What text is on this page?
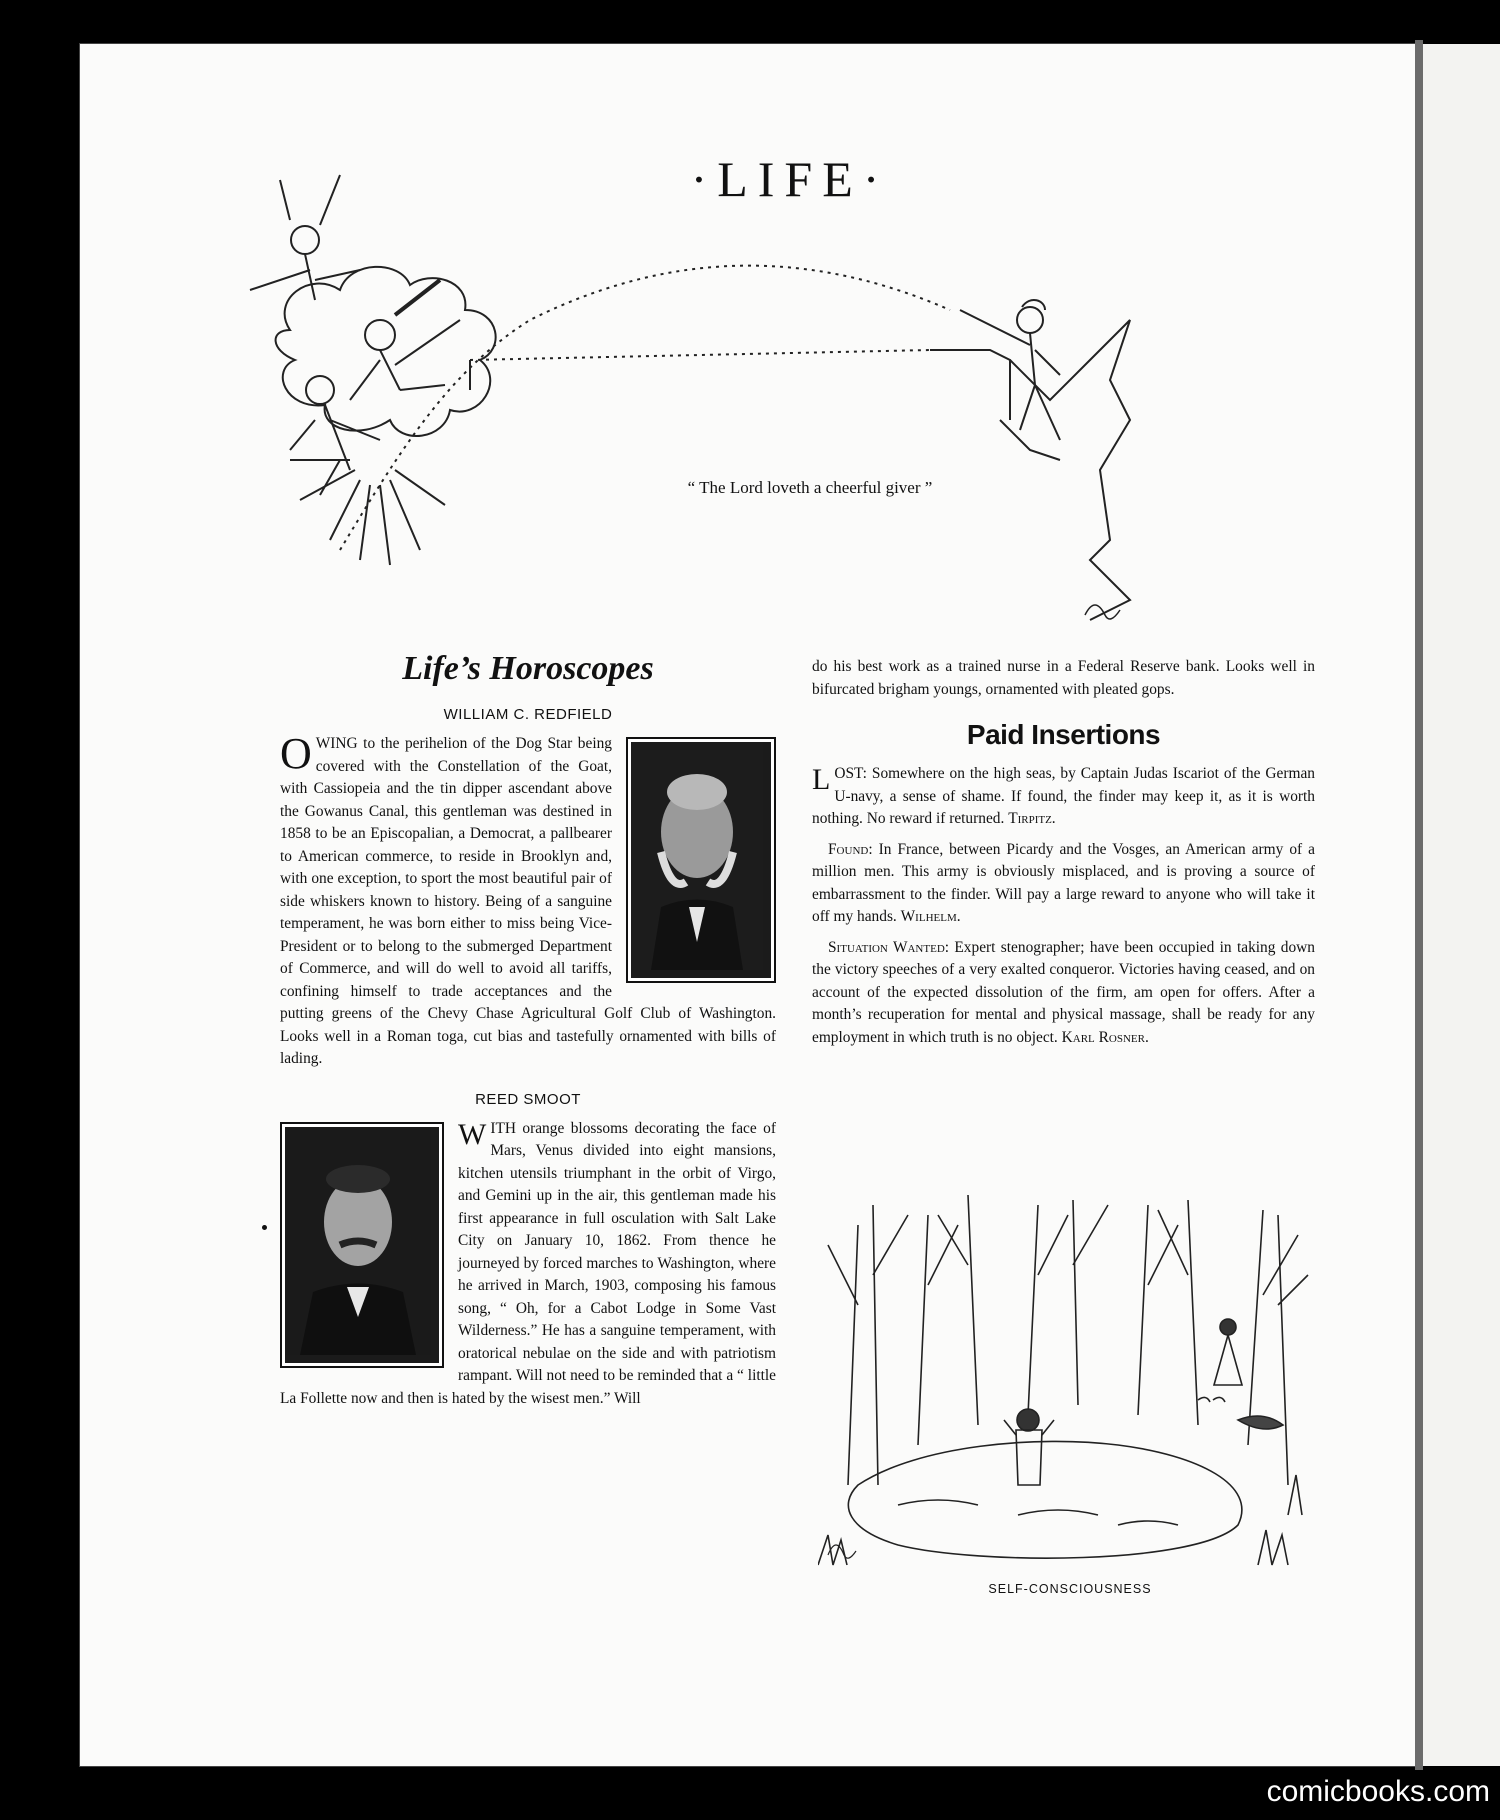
·LIFE·
“ The Lord loveth a cheerful giver ”
Life’s Horoscopes
WILLIAM C. REDFIELD

OWING to the perihelion of the Dog Star being covered with the Constellation of the Goat, with Cassiopeia and the tin dipper ascendant above the Gowanus Canal, this gentleman was destined in 1858 to be an Episcopalian, a Democrat, a pallbearer to American commerce, to reside in Brooklyn and, with one exception, to sport the most beautiful pair of side whiskers known to history. Being of a sanguine temperament, he was born either to miss being Vice-President or to belong to the submerged Department of Commerce, and will do well to avoid all tariffs, confining himself to trade acceptances and the putting greens of the Chevy Chase Agricultural Golf Club of Washington. Looks well in a Roman toga, cut bias and tastefully ornamented with bills of lading.

REED SMOOT

WITH orange blossoms decorating the face of Mars, Venus divided into eight mansions, kitchen utensils triumphant in the orbit of Virgo, and Gemini up in the air, this gentleman made his first appearance in full osculation with Salt Lake City on January 10, 1862. From thence he journeyed by forced marches to Washington, where he arrived in March, 1903, composing his famous song, “ Oh, for a Cabot Lodge in Some Vast Wilderness.” He has a sanguine temperament, with oratorical nebulae on the side and with patriotism rampant. Will not need to be reminded that a “ little La Follette now and then is hated by the wisest men.” Will

do his best work as a trained nurse in a Federal Reserve bank. Looks well in bifurcated brigham youngs, ornamented with pleated gops.

Paid Insertions

LOST: Somewhere on the high seas, by Captain Judas Iscariot of the German U-navy, a sense of shame. If found, the finder may keep it, as it is worth nothing. No reward if returned. Tirpitz.

Found: In France, between Picardy and the Vosges, an American army of a million men. This army is obviously misplaced, and is proving a source of embarrassment to the finder. Will pay a large reward to anyone who will take it off my hands. Wilhelm.

Situation Wanted: Expert stenographer; have been occupied in taking down the victory speeches of a very exalted conqueror. Victories having ceased, and on account of the expected dissolution of the firm, am open for offers. After a month’s recuperation for mental and physical massage, shall be ready for any employment in which truth is no object. Karl Rosner.

SELF-CONSCIOUSNESS
comicbooks.com
